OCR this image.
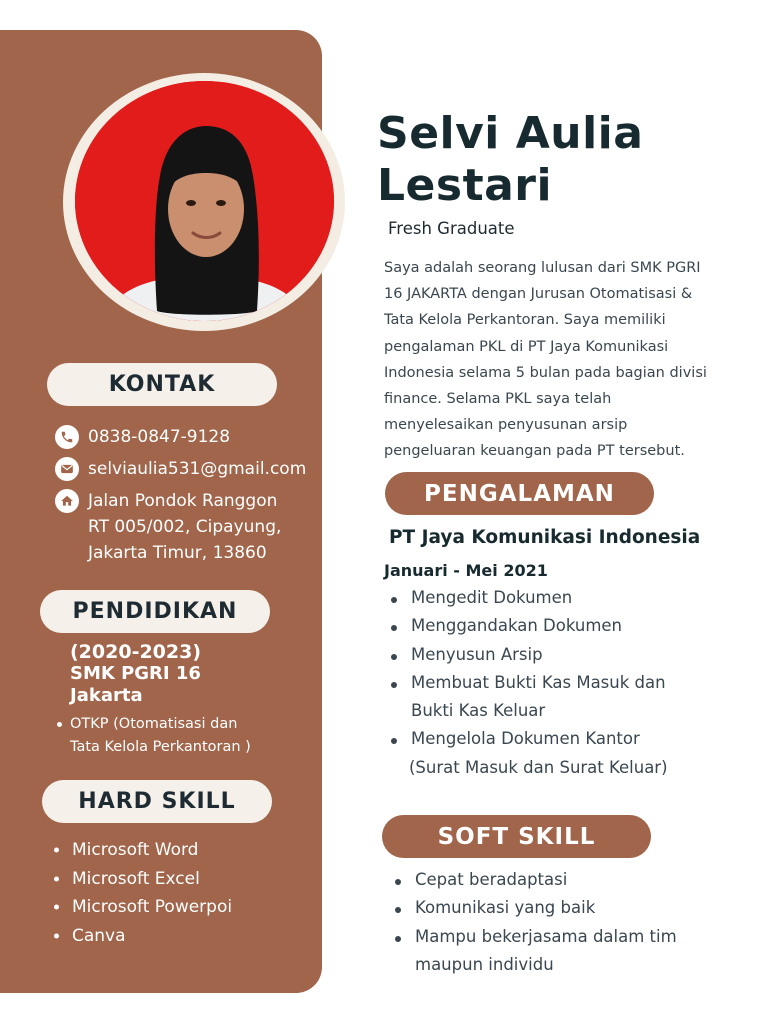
KONTAK
0838-0847-9128
selviaulia531@gmail.com
Jalan Pondok Ranggon
RT 005/002, Cipayung,
Jakarta Timur, 13860
PENDIDIKAN
(2020-2023)
SMK PGRI 16
Jakarta
OTKP (Otomatisasi dan
Tata Kelola Perkantoran )
HARD SKILL
Microsoft Word
Microsoft Excel
Microsoft Powerpoi
Canva
Selvi Aulia
Lestari
Fresh Graduate
Saya adalah seorang lulusan dari SMK PGRI
16 JAKARTA dengan Jurusan Otomatisasi &
Tata Kelola Perkantoran. Saya memiliki
pengalaman PKL di PT Jaya Komunikasi
Indonesia selama 5 bulan pada bagian divisi
finance. Selama PKL saya telah
menyelesaikan penyusunan arsip
pengeluaran keuangan pada PT tersebut.
PENGALAMAN
PT Jaya Komunikasi Indonesia
Januari - Mei 2021
Mengedit Dokumen
Menggandakan Dokumen
Menyusun Arsip
Membuat Bukti Kas Masuk dan
Bukti Kas Keluar
Mengelola Dokumen Kantor
(Surat Masuk dan Surat Keluar)
SOFT SKILL
Cepat beradaptasi
Komunikasi yang baik
Mampu bekerjasama dalam tim
maupun individu
